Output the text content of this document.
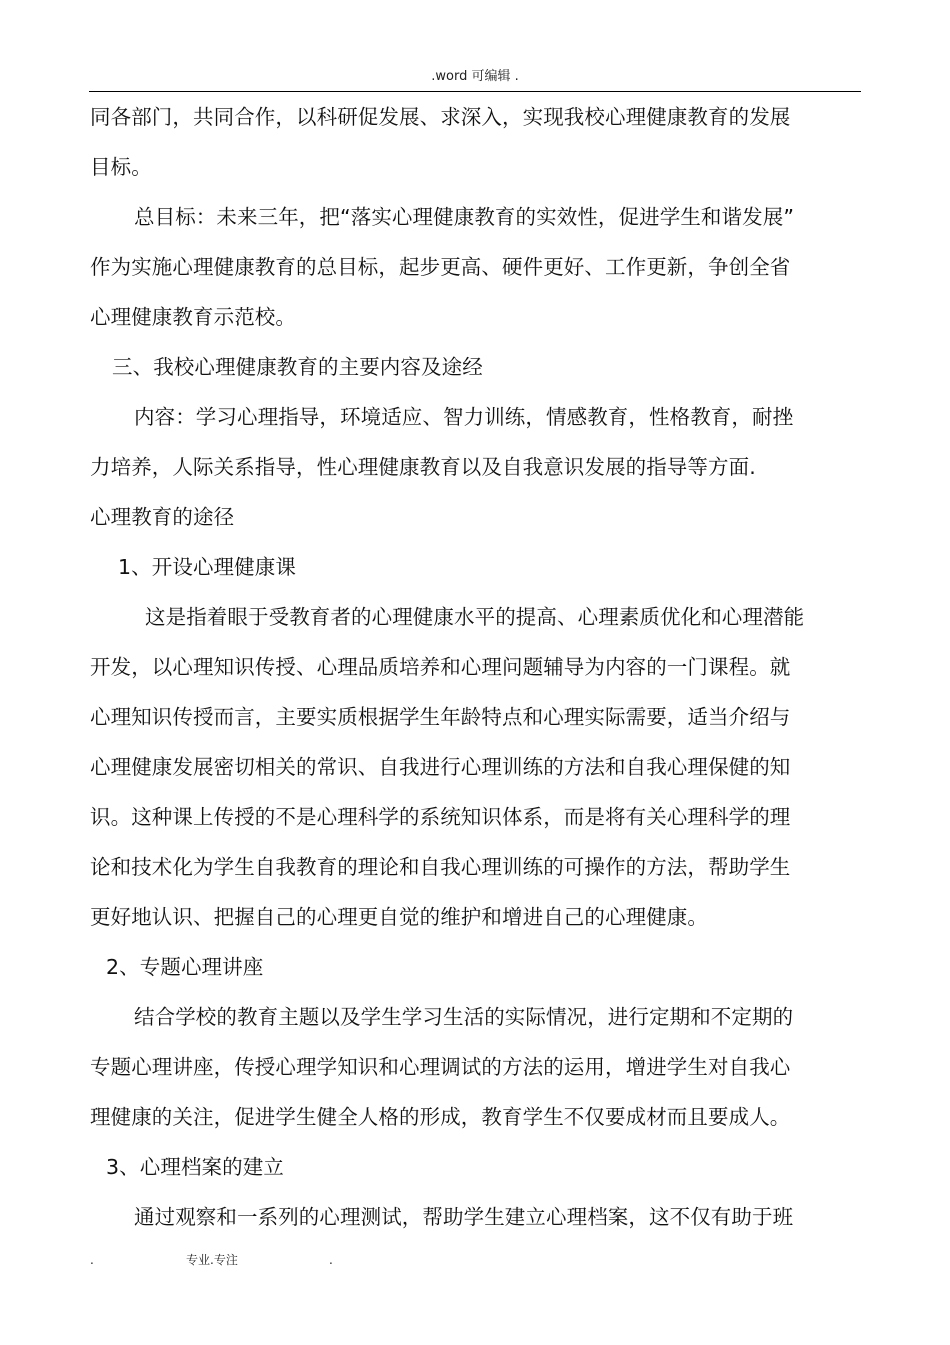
.word 可编辑 .
同各部门，共同合作，以科研促发展、求深入，实现我校心理健康教育的发展
目标。
总目标：未来三年，把“落实心理健康教育的实效性，促进学生和谐发展”
作为实施心理健康教育的总目标，起步更高、硬件更好、工作更新，争创全省
心理健康教育示范校。
三、我校心理健康教育的主要内容及途经
内容：学习心理指导，环境适应、智力训练，情感教育，性格教育，耐挫
力培养，人际关系指导，性心理健康教育以及自我意识发展的指导等方面.
心理教育的途径
1、开设心理健康课
这是指着眼于受教育者的心理健康水平的提高、心理素质优化和心理潜能
开发，以心理知识传授、心理品质培养和心理问题辅导为内容的一门课程。就
心理知识传授而言，主要实质根据学生年龄特点和心理实际需要，适当介绍与
心理健康发展密切相关的常识、自我进行心理训练的方法和自我心理保健的知
识。这种课上传授的不是心理科学的系统知识体系，而是将有关心理科学的理
论和技术化为学生自我教育的理论和自我心理训练的可操作的方法，帮助学生
更好地认识、把握自己的心理更自觉的维护和增进自己的心理健康。
2、专题心理讲座
结合学校的教育主题以及学生学习生活的实际情况，进行定期和不定期的
专题心理讲座，传授心理学知识和心理调试的方法的运用，增进学生对自我心
理健康的关注，促进学生健全人格的形成，教育学生不仅要成材而且要成人。
3、心理档案的建立
通过观察和一系列的心理测试，帮助学生建立心理档案，这不仅有助于班
.	专业.专注	.
